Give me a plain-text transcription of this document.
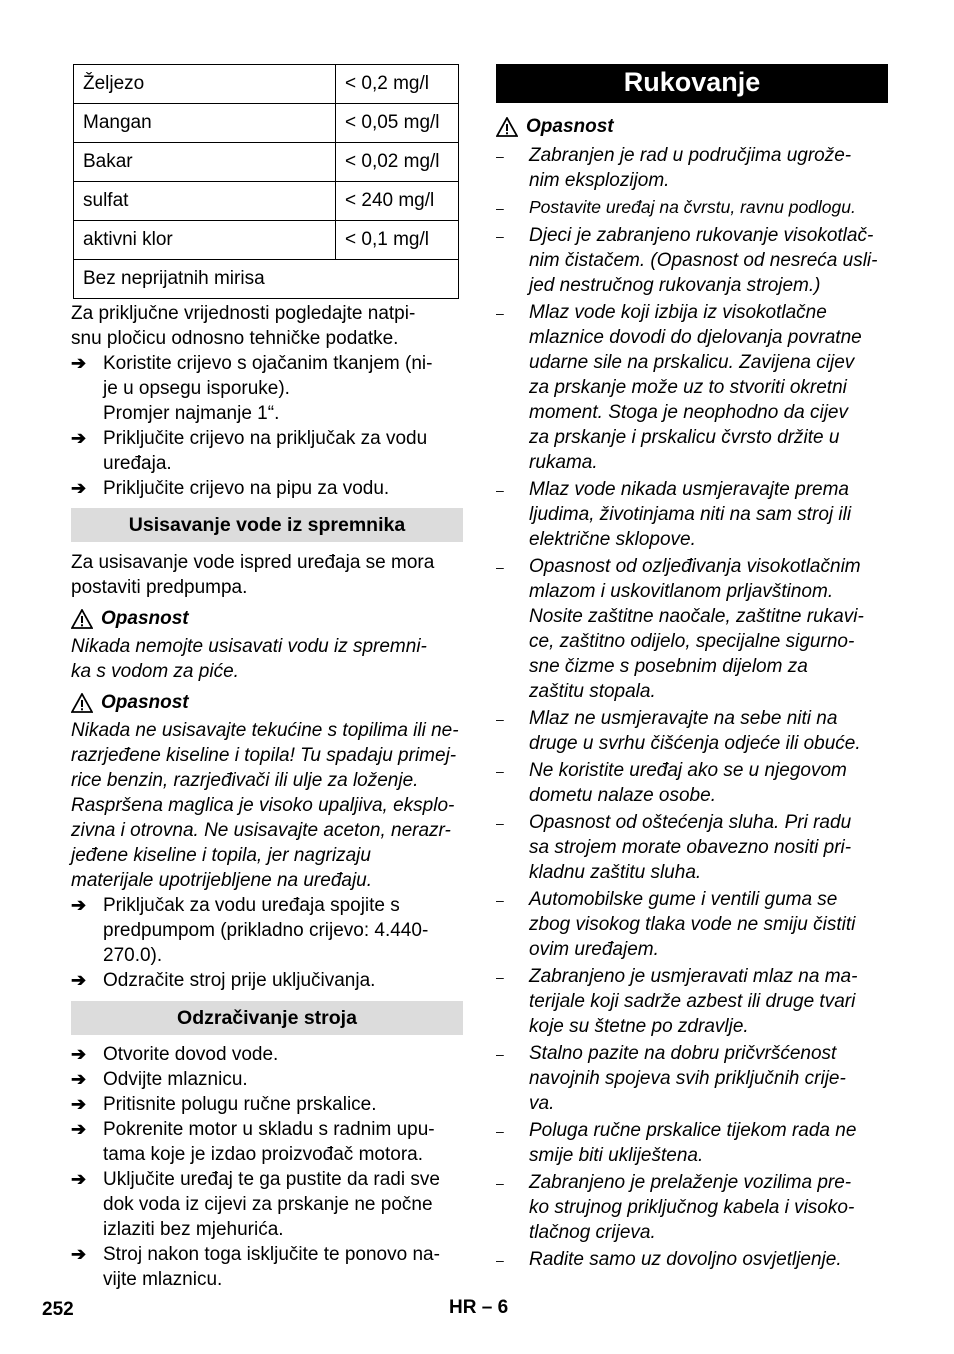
Željezo	< 0,2 mg/l
Mangan	< 0,05 mg/l
Bakar	< 0,02 mg/l
sulfat	< 240 mg/l
aktivni klor	< 0,1 mg/l
Bez neprijatnih mirisa	
Za priključne vrijednosti pogledajte natpi-
snu pločicu odnosno tehničke podatke.
➔ Koristite crijevo s ojačanim tkanjem (ni-
je u opsegu isporuke).
Promjer najmanje 1“.
➔ Priključite crijevo na priključak za vodu
uređaja.
➔ Priključite crijevo na pipu za vodu.
Usisavanje vode iz spremnika
Za usisavanje vode ispred uređaja se mora
postaviti predpumpa.
Opasnost
Nikada nemojte usisavati vodu iz spremni-
ka s vodom za piće.
Opasnost
Nikada ne usisavajte tekućine s topilima ili ne-
razrjeđene kiseline i topila! Tu spadaju primej-
rice benzin, razrjeđivači ili ulje za loženje.
Raspršena maglica je visoko upaljiva, eksplo-
zivna i otrovna. Ne usisavajte aceton, nerazr-
jeđene kiseline i topila, jer nagrizaju
materijale upotrijebljene na uređaju.
➔ Priključak za vodu uređaja spojite s
predpumpom (prikladno crijevo: 4.440-
270.0).
➔ Odzračite stroj prije uključivanja.
Odzračivanje stroja
➔ Otvorite dovod vode.
➔ Odvijte mlaznicu.
➔ Pritisnite polugu ručne prskalice.
➔ Pokrenite motor u skladu s radnim upu-
tama koje je izdao proizvođač motora.
➔ Uključite uređaj te ga pustite da radi sve
dok voda iz cijevi za prskanje ne počne
izlaziti bez mjehurića.
➔ Stroj nakon toga isključite te ponovo na-
vijte mlaznicu.
Rukovanje
Opasnost
–	Zabranjen je rad u područjima ugrože-
nim eksplozijom.
–	Postavite uređaj na čvrstu, ravnu podlogu.
–	Djeci je zabranjeno rukovanje visokotlač-
nim čistačem. (Opasnost od nesreća usli-
jed nestručnog rukovanja strojem.)
–	Mlaz vode koji izbija iz visokotlačne
mlaznice dovodi do djelovanja povratne
udarne sile na prskalicu. Zavijena cijev
za prskanje može uz to stvoriti okretni
moment. Stoga je neophodno da cijev
za prskanje i prskalicu čvrsto držite u
rukama.
–	Mlaz vode nikada usmjeravajte prema
ljudima, životinjama niti na sam stroj ili
električne sklopove.
–	Opasnost od ozljeđivanja visokotlačnim
mlazom i uskovitlanom prljavštinom.
Nosite zaštitne naočale, zaštitne rukavi-
ce, zaštitno odijelo, specijalne sigurno-
sne čizme s posebnim dijelom za
zaštitu stopala.
–	Mlaz ne usmjeravajte na sebe niti na
druge u svrhu čišćenja odjeće ili obuće.
–	Ne koristite uređaj ako se u njegovom
dometu nalaze osobe.
–	Opasnost od oštećenja sluha. Pri radu
sa strojem morate obavezno nositi pri-
kladnu zaštitu sluha.
–	Automobilske gume i ventili guma se
zbog visokog tlaka vode ne smiju čistiti
ovim uređajem.
–	Zabranjeno je usmjeravati mlaz na ma-
terijale koji sadrže azbest ili druge tvari
koje su štetne po zdravlje.
–	Stalno pazite na dobru pričvršćenost
navojnih spojeva svih priključnih crije-
va.
–	Poluga ručne prskalice tijekom rada ne
smije biti ukliještena.
–	Zabranjeno je prelaženje vozilima pre-
ko strujnog priključnog kabela i visoko-
tlačnog crijeva.
–	Radite samo uz dovoljno osvjetljenje.
252	HR – 6
